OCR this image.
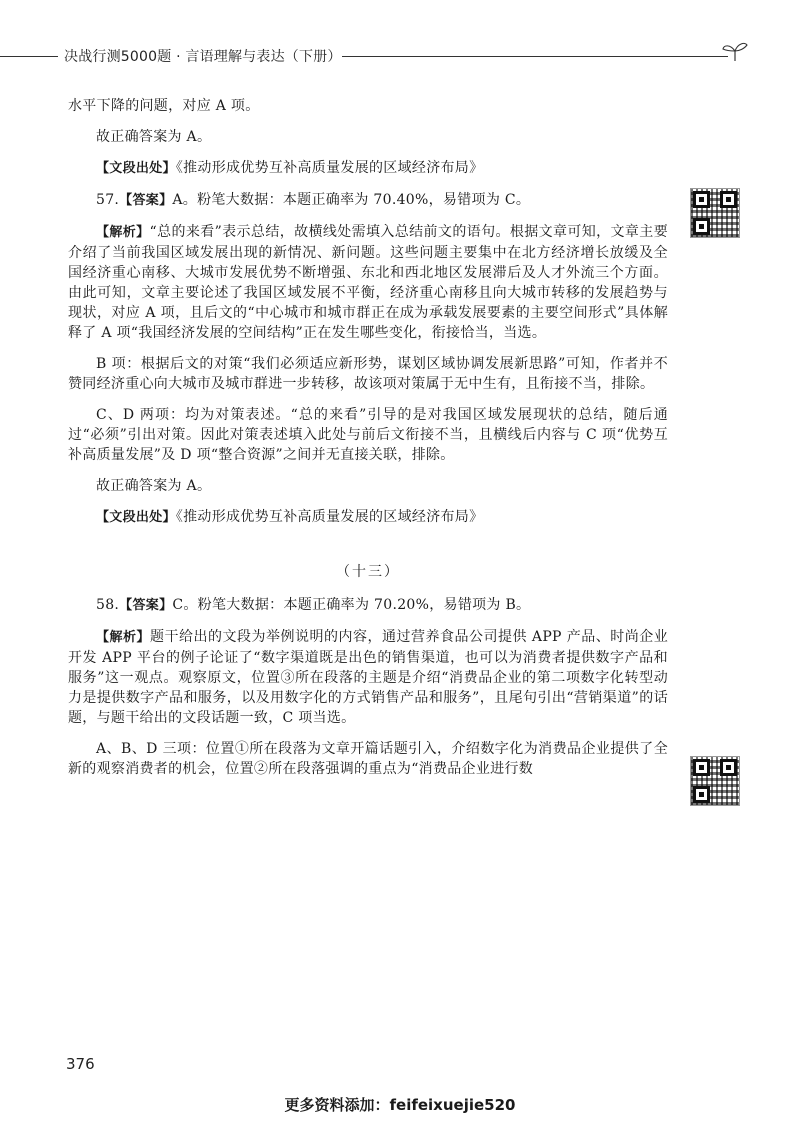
决战行测5000题 · 言语理解与表达（下册）

水平下降的问题，对应 A 项。

故正确答案为 A。

【文段出处】《推动形成优势互补高质量发展的区域经济布局》

57.【答案】A。粉笔大数据：本题正确率为 70.40%，易错项为 C。

【解析】“总的来看”表示总结，故横线处需填入总结前文的语句。根据文章可知，文章主要介绍了当前我国区域发展出现的新情况、新问题。这些问题主要集中在北方经济增长放缓及全国经济重心南移、大城市发展优势不断增强、东北和西北地区发展滞后及人才外流三个方面。由此可知，文章主要论述了我国区域发展不平衡，经济重心南移且向大城市转移的发展趋势与现状，对应 A 项，且后文的“中心城市和城市群正在成为承载发展要素的主要空间形式”具体解释了 A 项“我国经济发展的空间结构”正在发生哪些变化，衔接恰当，当选。

B 项：根据后文的对策“我们必须适应新形势，谋划区域协调发展新思路”可知，作者并不赞同经济重心向大城市及城市群进一步转移，故该项对策属于无中生有，且衔接不当，排除。

C、D 两项：均为对策表述。“总的来看”引导的是对我国区域发展现状的总结，随后通过“必须”引出对策。因此对策表述填入此处与前后文衔接不当，且横线后内容与 C 项“优势互补高质量发展”及 D 项“整合资源”之间并无直接关联，排除。

故正确答案为 A。

【文段出处】《推动形成优势互补高质量发展的区域经济布局》

（十三）

58.【答案】C。粉笔大数据：本题正确率为 70.20%，易错项为 B。

【解析】题干给出的文段为举例说明的内容，通过营养食品公司提供 APP 产品、时尚企业开发 APP 平台的例子论证了“数字渠道既是出色的销售渠道，也可以为消费者提供数字产品和服务”这一观点。观察原文，位置③所在段落的主题是介绍“消费品企业的第二项数字化转型动力是提供数字产品和服务，以及用数字化的方式销售产品和服务”，且尾句引出“营销渠道”的话题，与题干给出的文段话题一致，C 项当选。

A、B、D 三项：位置①所在段落为文章开篇话题引入，介绍数字化为消费品企业提供了全新的观察消费者的机会，位置②所在段落强调的重点为“消费品企业进行数

376
更多资料添加：feifeixuejie520
